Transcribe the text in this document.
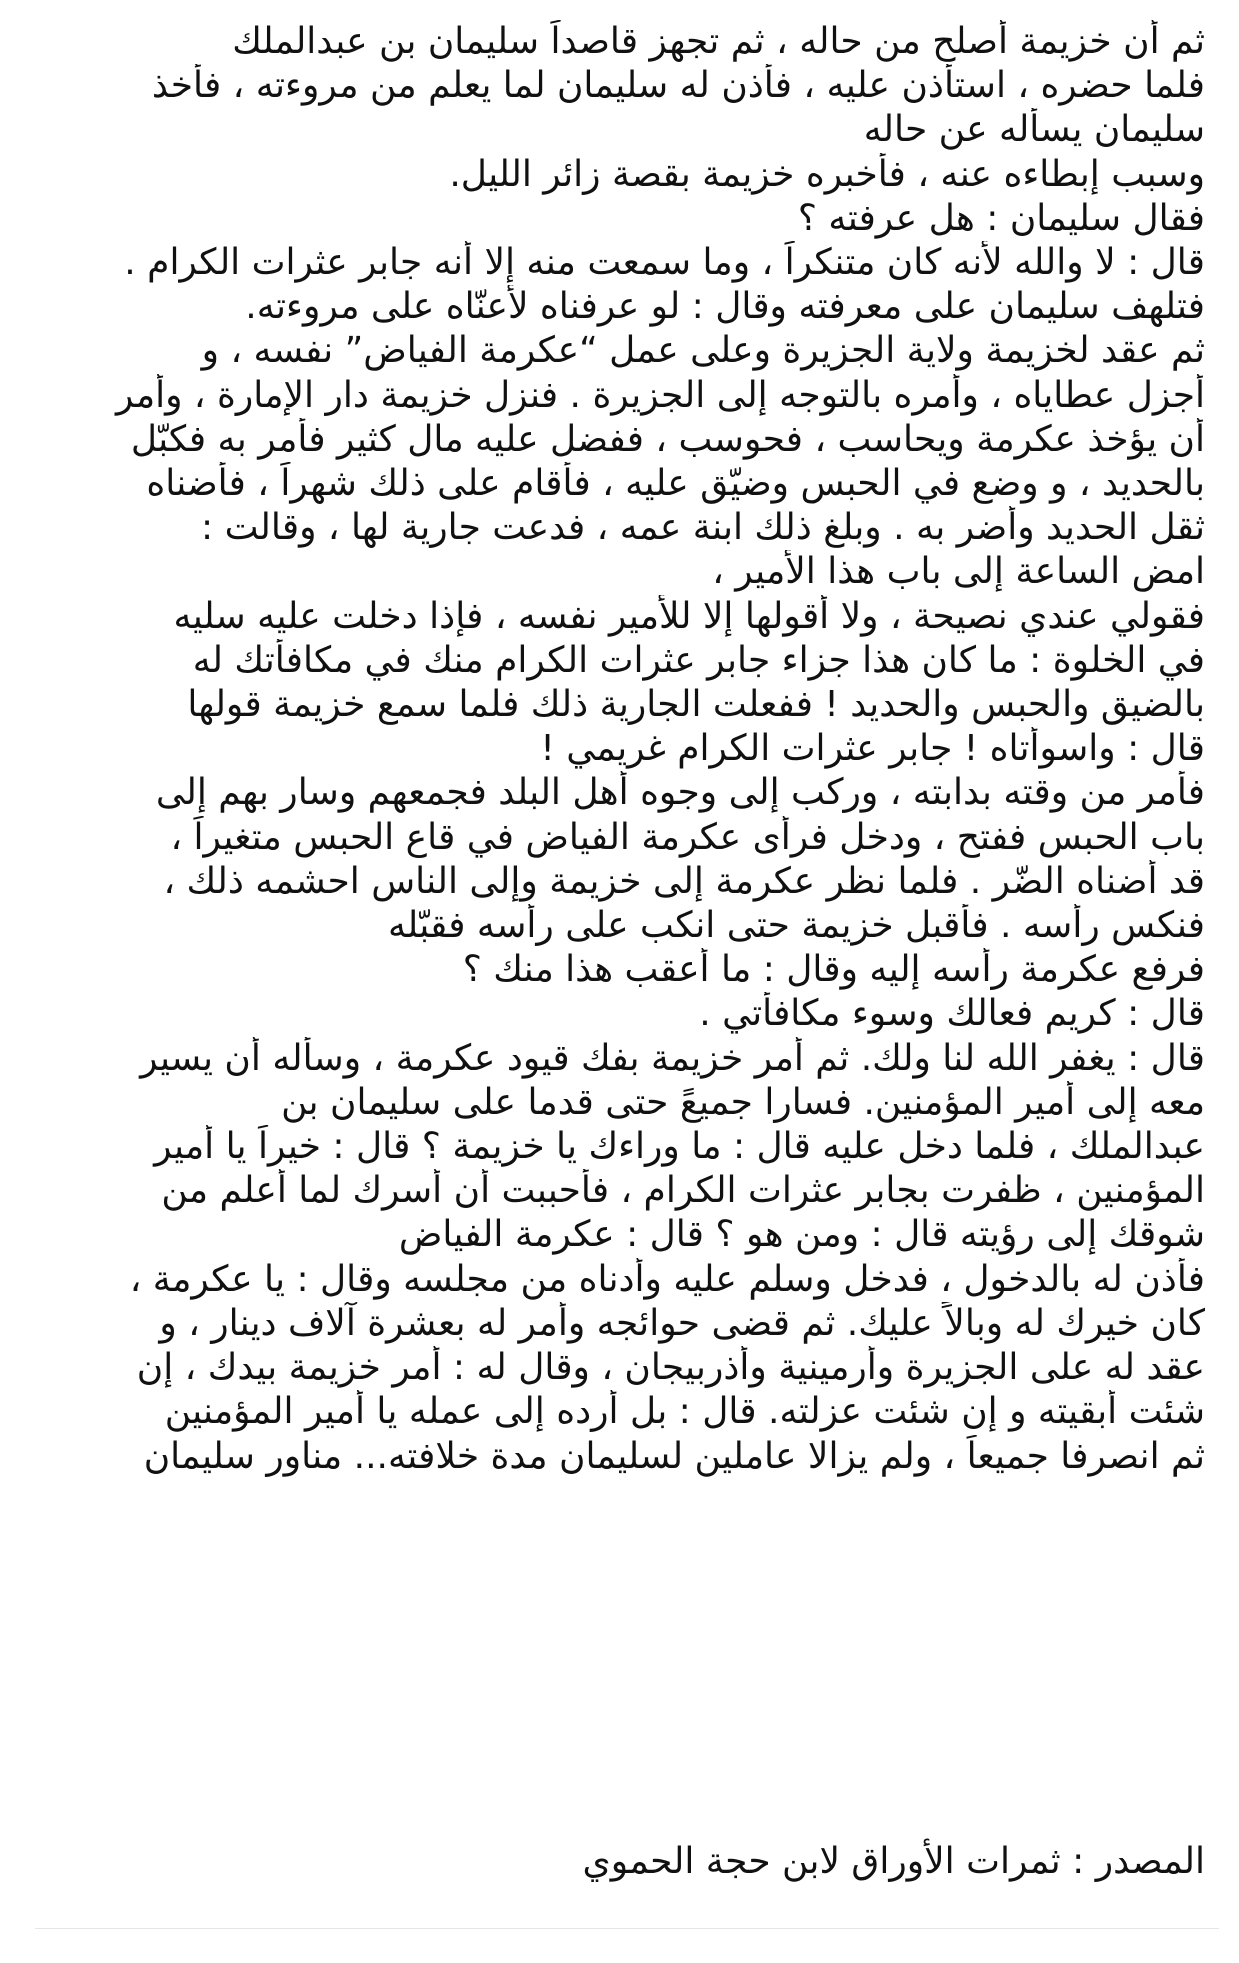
ثم أن خزيمة أصلح من حاله ، ثم تجهز قاصداً سليمان بن عبدالملك
فلما حضره ، استأذن عليه ، فأذن له سليمان لما يعلم من مروءته ، فأخذ
سليمان يسأله عن حاله
وسبب إبطاءه عنه ، فأخبره خزيمة بقصة زائر الليل.
فقال سليمان : هل عرفته ؟
قال : لا والله لأنه كان متنكراً ، وما سمعت منه إلا أنه جابر عثرات الكرام .
فتلهف سليمان على معرفته وقال : لو عرفناه لأعنّاه على مروءته.
ثم عقد لخزيمة ولاية الجزيرة وعلى عمل “عكرمة الفياض” نفسه ، و
أجزل عطاياه ، وأمره بالتوجه إلى الجزيرة . فنزل خزيمة دار الإمارة ، وأمر
أن يؤخذ عكرمة ويحاسب ، فحوسب ، ففضل عليه مال كثير فأمر به فكبّل
بالحديد ، و وضع في الحبس وضيّق عليه ، فأقام على ذلك شهراً ، فأضناه
ثقل الحديد وأضر به . وبلغ ذلك ابنة عمه ، فدعت جارية لها ، وقالت :
امض الساعة إلى باب هذا الأمير ،
فقولي عندي نصيحة ، ولا أقولها إلا للأمير نفسه ، فإذا دخلت عليه سليه
في الخلوة : ما كان هذا جزاء جابر عثرات الكرام منك في مكافأتك له
بالضيق والحبس والحديد ! ففعلت الجارية ذلك فلما سمع خزيمة قولها
قال : واسوأتاه ! جابر عثرات الكرام غريمي !
فأمر من وقته بدابته ، وركب إلى وجوه أهل البلد فجمعهم وسار بهم إلى
باب الحبس ففتح ، ودخل فرأى عكرمة الفياض في قاع الحبس متغيراً ،
قد أضناه الضّر . فلما نظر عكرمة إلى خزيمة وإلى الناس احشمه ذلك ،
فنكس رأسه . فأقبل خزيمة حتى انكب على رأسه فقبّله
فرفع عكرمة رأسه إليه وقال : ما أعقب هذا منك ؟
قال : كريم فعالك وسوء مكافأتي .
قال : يغفر الله لنا ولك. ثم أمر خزيمة بفك قيود عكرمة ، وسأله أن يسير
معه إلى أمير المؤمنين. فسارا جميعً حتى قدما على سليمان بن
عبدالملك ، فلما دخل عليه قال : ما وراءك يا خزيمة ؟ قال : خيراً يا أمير
المؤمنين ، ظفرت بجابر عثرات الكرام ، فأحببت أن أسرك لما أعلم من
شوقك إلى رؤيته قال : ومن هو ؟ قال : عكرمة الفياض
فأذن له بالدخول ، فدخل وسلم عليه وأدناه من مجلسه وقال : يا عكرمة ،
كان خيرك له وبالاً عليك. ثم قضى حوائجه وأمر له بعشرة آلاف دينار ، و
عقد له على الجزيرة وأرمينية وأذربيجان ، وقال له : أمر خزيمة بيدك ، إن
شئت أبقيته و إن شئت عزلته. قال : بل أرده إلى عمله يا أمير المؤمنين
ثم انصرفا جميعاً ، ولم يزالا عاملين لسليمان مدة خلافته... مناور سليمان
المصدر : ثمرات الأوراق لابن حجة الحموي
